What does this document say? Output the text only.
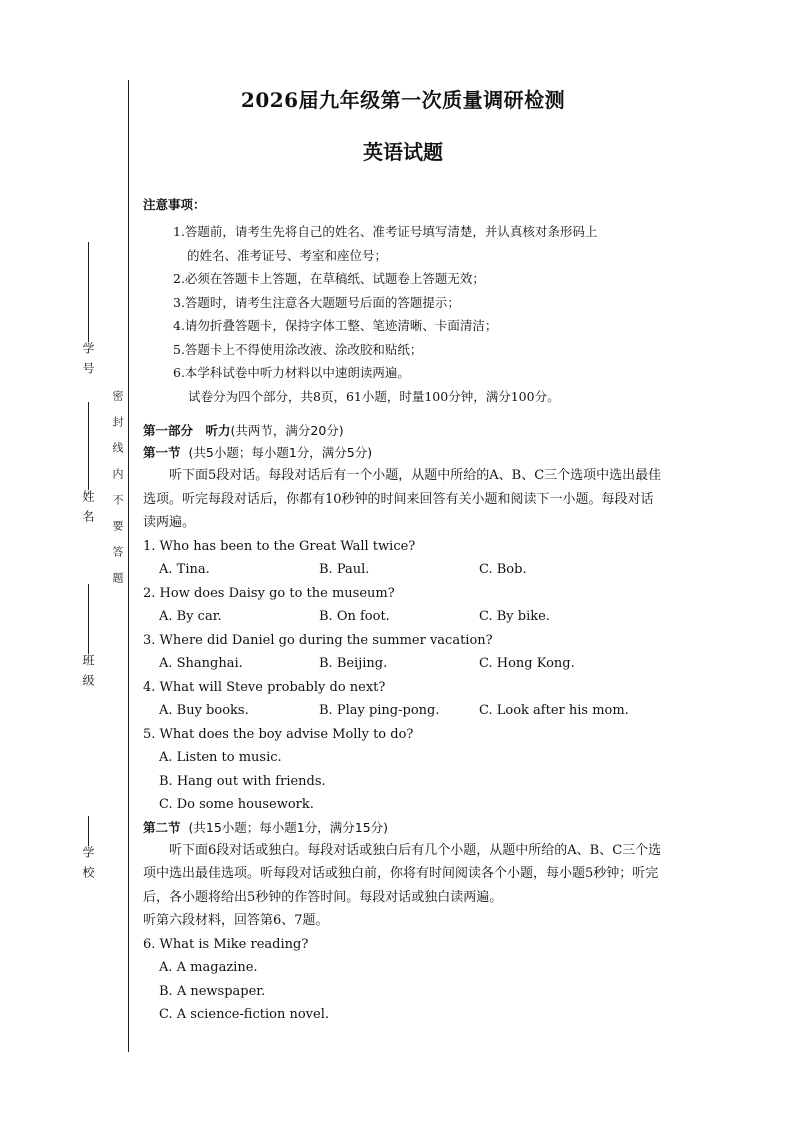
学号
姓名
班级
学校
密封线内不要答题
2026届九年级第一次质量调研检测
英语试题
注意事项：
1.答题前，请考生先将自己的姓名、准考证号填写清楚，并认真核对条形码上
的姓名、准考证号、考室和座位号；
2.必须在答题卡上答题，在草稿纸、试题卷上答题无效；
3.答题时，请考生注意各大题题号后面的答题提示；
4.请勿折叠答题卡，保持字体工整、笔迹清晰、卡面清洁；
5.答题卡上不得使用涂改液、涂改胶和贴纸；
6.本学科试卷中听力材料以中速朗读两遍。
试卷分为四个部分，共8页，61小题，时量100分钟，满分100分。
第一部分　听力(共两节，满分20分)
第一节 (共5小题；每小题1分，满分5分)

听下面5段对话。每段对话后有一个小题，从题中所给的A、B、C三个选项中选出最佳选项。听完每段对话后，你都有10秒钟的时间来回答有关小题和阅读下一小题。每段对话读两遍。

1. Who has been to the Great Wall twice?

A. Tina.	B. Paul.	C. Bob.

2. How does Daisy go to the museum?

A. By car.	B. On foot.	C. By bike.

3. Where did Daniel go during the summer vacation?

A. Shanghai.	B. Beijing.	C. Hong Kong.

4. What will Steve probably do next?

A. Buy books.	B. Play ping-pong.	C. Look after his mom.

5. What does the boy advise Molly to do?

A. Listen to music.

B. Hang out with friends.

C. Do some housework.

第二节 (共15小题；每小题1分，满分15分)

听下面6段对话或独白。每段对话或独白后有几个小题，从题中所给的A、B、C三个选项中选出最佳选项。听每段对话或独白前，你将有时间阅读各个小题，每小题5秒钟；听完后，各小题将给出5秒钟的作答时间。每段对话或独白读两遍。

听第六段材料，回答第6、7题。

6. What is Mike reading?

A. A magazine.

B. A newspaper.

C. A science-fiction novel.
